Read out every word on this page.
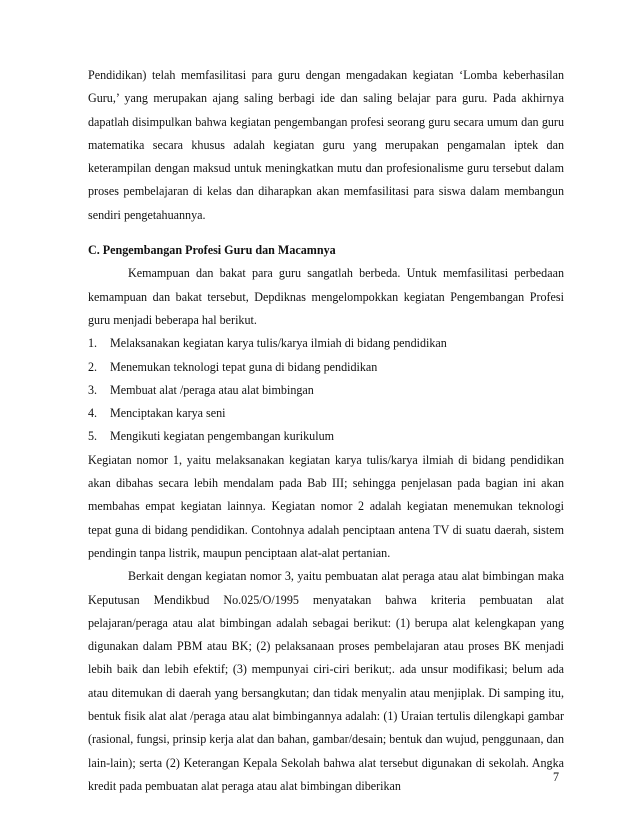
Pendidikan) telah memfasilitasi para guru dengan mengadakan kegiatan ‘Lomba keberhasilan Guru,’ yang merupakan ajang saling berbagi ide dan saling belajar para guru. Pada akhirnya dapatlah disimpulkan bahwa kegiatan pengembangan profesi seorang guru secara umum dan guru matematika secara khusus adalah kegiatan guru yang merupakan pengamalan iptek dan keterampilan dengan maksud untuk meningkatkan mutu dan profesionalisme guru tersebut dalam proses pembelajaran di kelas dan diharapkan akan memfasilitasi para siswa dalam membangun sendiri pengetahuannya.

C. Pengembangan Profesi Guru dan Macamnya

Kemampuan dan bakat para guru sangatlah berbeda. Untuk memfasilitasi perbedaan kemampuan dan bakat tersebut, Depdiknas mengelompokkan kegiatan Pengembangan Profesi guru menjadi beberapa hal berikut.

1.	Melaksanakan kegiatan karya tulis/karya ilmiah di bidang pendidikan
2.	Menemukan teknologi tepat guna di bidang pendidikan
3.	Membuat alat /peraga atau alat bimbingan
4.	Menciptakan karya seni
5.	Mengikuti kegiatan pengembangan kurikulum

Kegiatan nomor 1, yaitu melaksanakan kegiatan karya tulis/karya ilmiah di bidang pendidikan akan dibahas secara lebih mendalam pada Bab III; sehingga penjelasan pada bagian ini akan membahas empat kegiatan lainnya. Kegiatan nomor 2 adalah kegiatan menemukan teknologi tepat guna di bidang pendidikan. Contohnya adalah penciptaan antena TV di suatu daerah, sistem pendingin tanpa listrik, maupun penciptaan alat-alat pertanian.

Berkait dengan kegiatan nomor 3, yaitu pembuatan alat peraga atau alat bimbingan maka Keputusan Mendikbud No.025/O/1995 menyatakan bahwa kriteria pembuatan alat pelajaran/peraga atau alat bimbingan adalah sebagai berikut: (1) berupa alat kelengkapan yang digunakan dalam PBM atau BK; (2) pelaksanaan proses pembelajaran atau proses BK menjadi lebih baik dan lebih efektif; (3) mempunyai ciri-ciri berikut;. ada unsur modifikasi; belum ada atau ditemukan di daerah yang bersangkutan; dan tidak menyalin atau menjiplak. Di samping itu, bentuk fisik alat alat /peraga atau alat bimbingannya adalah: (1) Uraian tertulis dilengkapi gambar (rasional, fungsi, prinsip kerja alat dan bahan, gambar/desain; bentuk dan wujud, penggunaan, dan lain-lain); serta (2) Keterangan Kepala Sekolah bahwa alat tersebut digunakan di sekolah. Angka kredit pada pembuatan alat peraga atau alat bimbingan diberikan

7
